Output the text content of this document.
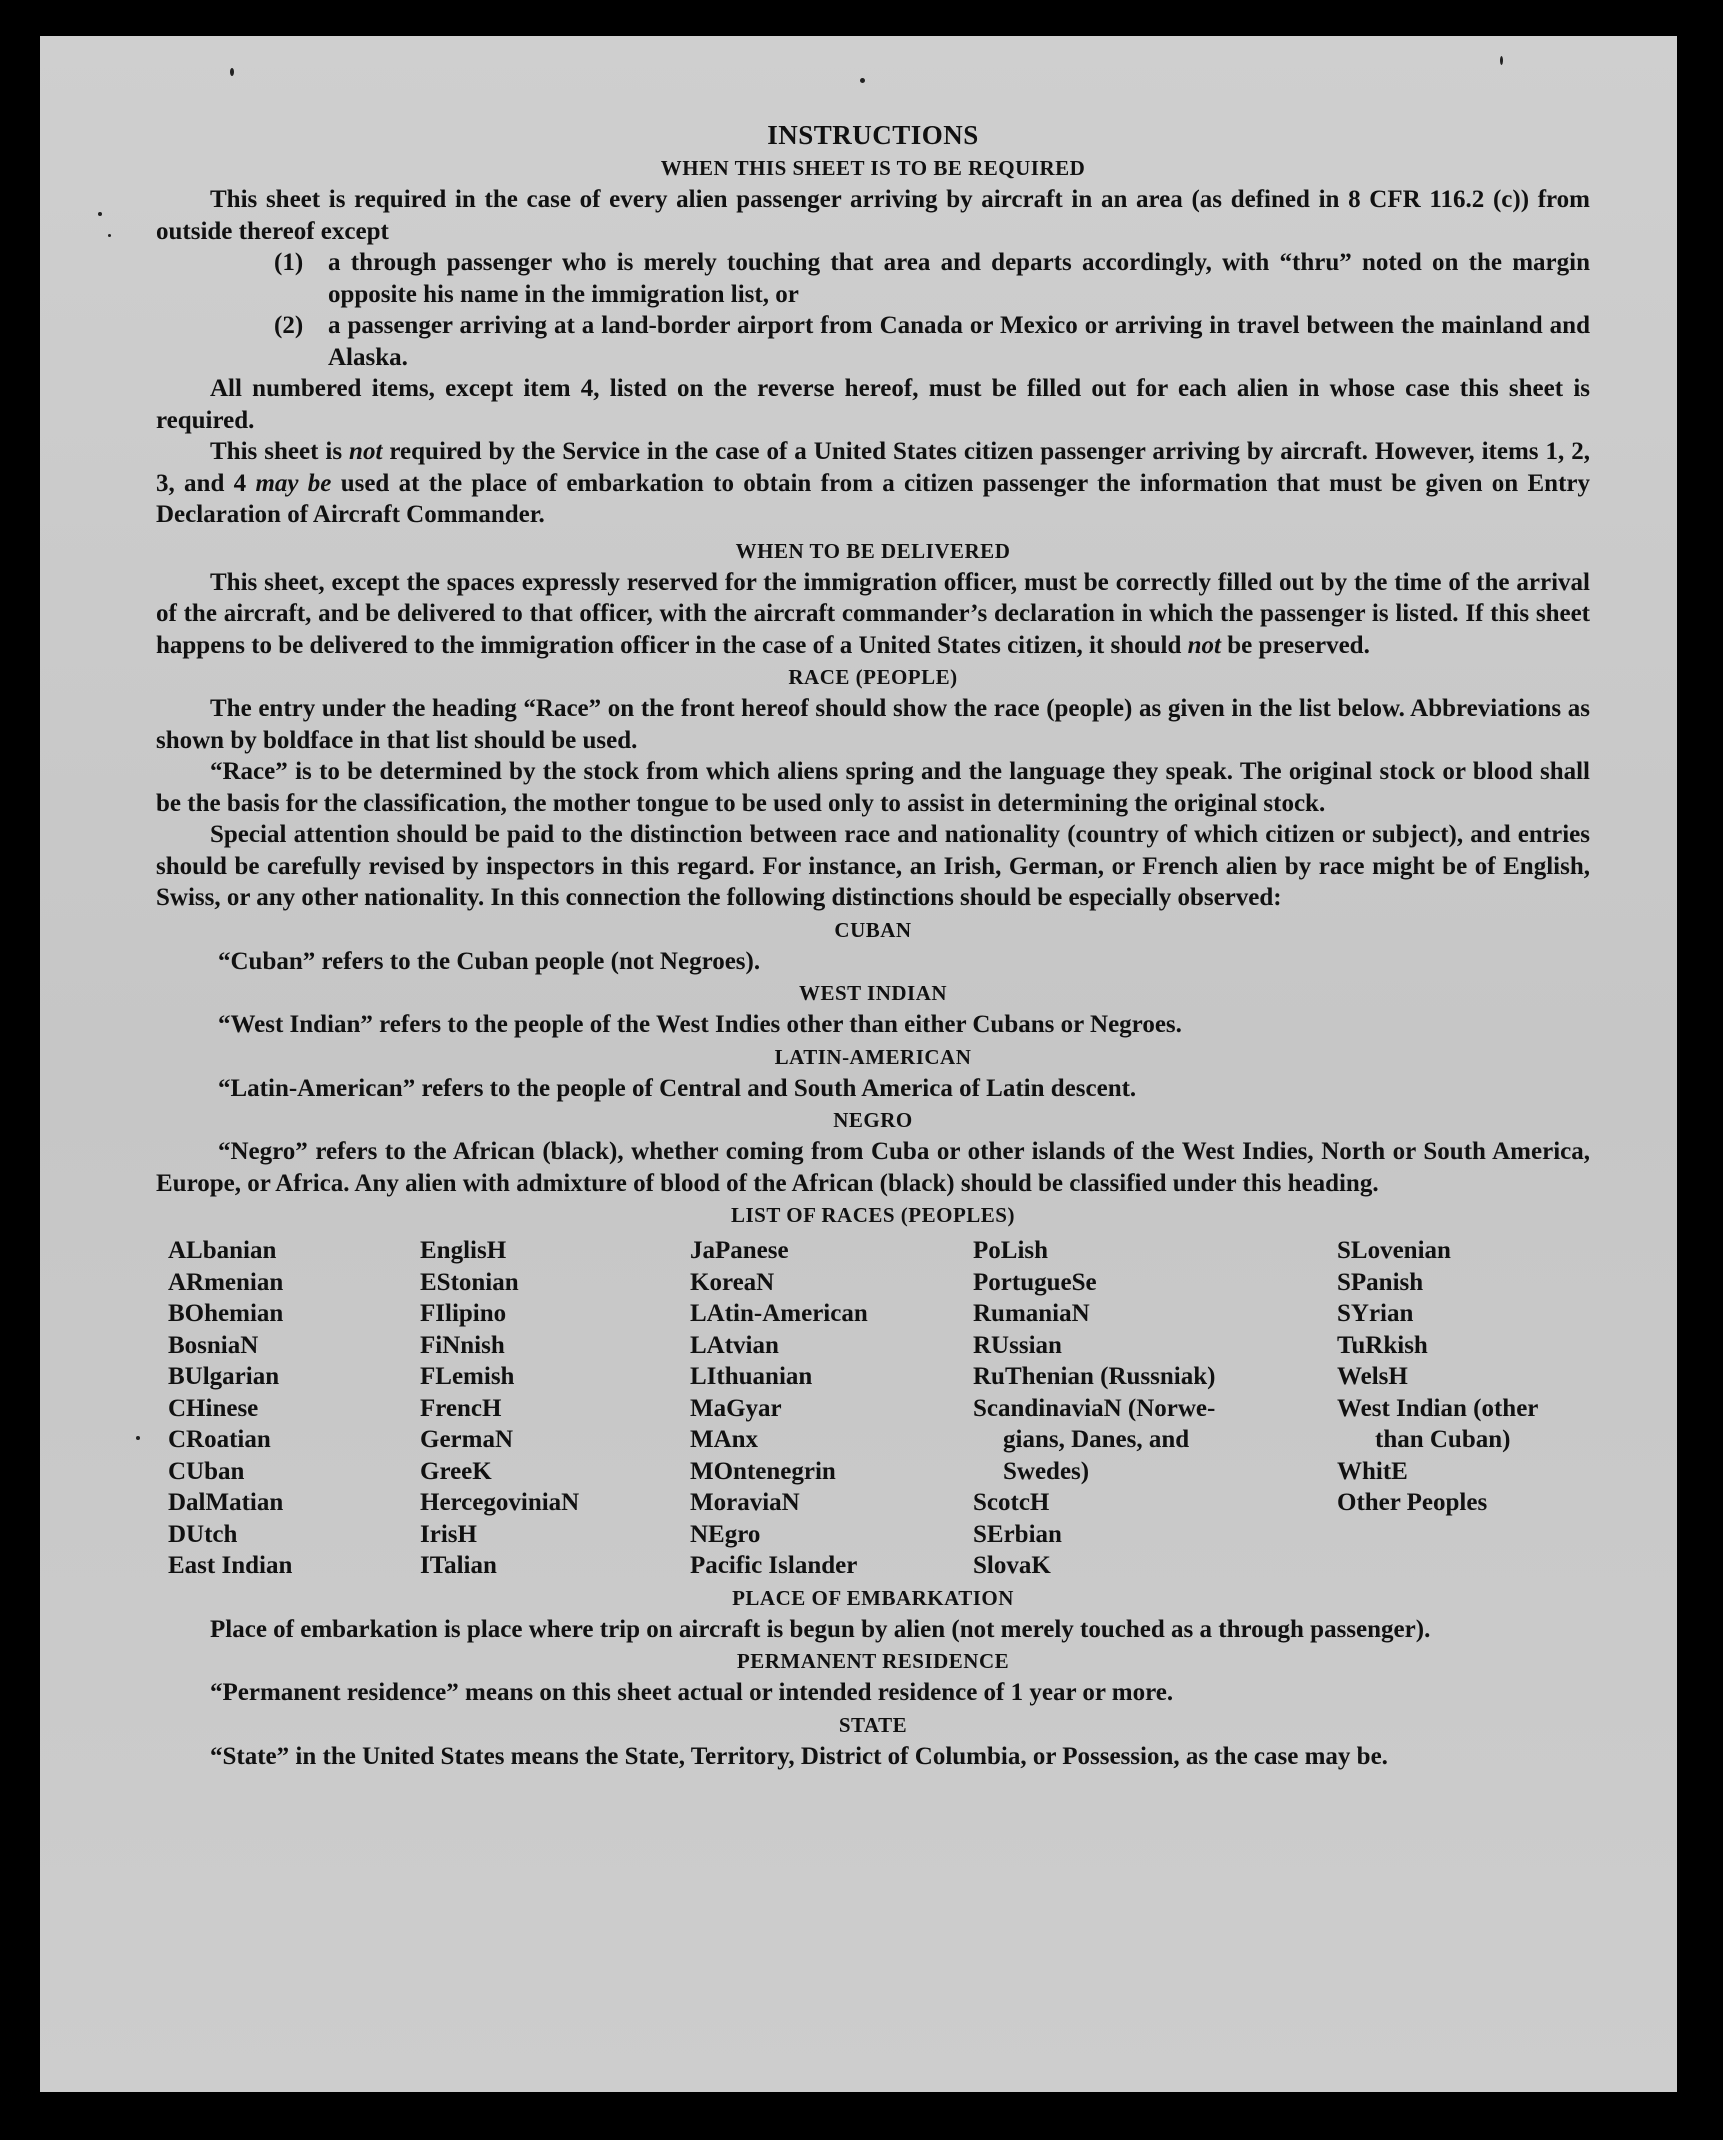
INSTRUCTIONS
WHEN THIS SHEET IS TO BE REQUIRED
This sheet is required in the case of every alien passenger arriving by aircraft in an area (as defined in 8 CFR 116.2 (c)) from outside thereof except
(1) a through passenger who is merely touching that area and departs accordingly, with “thru” noted on the margin opposite his name in the immigration list, or
(2) a passenger arriving at a land-border airport from Canada or Mexico or arriving in travel between the mainland and Alaska.
All numbered items, except item 4, listed on the reverse hereof, must be filled out for each alien in whose case this sheet is required.
This sheet is not required by the Service in the case of a United States citizen passenger arriving by aircraft. However, items 1, 2, 3, and 4 may be used at the place of embarkation to obtain from a citizen passenger the information that must be given on Entry Declaration of Aircraft Commander.
WHEN TO BE DELIVERED
This sheet, except the spaces expressly reserved for the immigration officer, must be correctly filled out by the time of the arrival of the aircraft, and be delivered to that officer, with the aircraft commander’s declaration in which the passenger is listed. If this sheet happens to be delivered to the immigration officer in the case of a United States citizen, it should not be preserved.
RACE (PEOPLE)
The entry under the heading “Race” on the front hereof should show the race (people) as given in the list below. Abbreviations as shown by boldface in that list should be used.
“Race” is to be determined by the stock from which aliens spring and the language they speak. The original stock or blood shall be the basis for the classification, the mother tongue to be used only to assist in determining the original stock.
Special attention should be paid to the distinction between race and nationality (country of which citizen or subject), and entries should be carefully revised by inspectors in this regard. For instance, an Irish, German, or French alien by race might be of English, Swiss, or any other nationality. In this connection the following distinctions should be especially observed:
CUBAN
“Cuban” refers to the Cuban people (not Negroes).
WEST INDIAN
“West Indian” refers to the people of the West Indies other than either Cubans or Negroes.
LATIN-AMERICAN
“Latin-American” refers to the people of Central and South America of Latin descent.
NEGRO
“Negro” refers to the African (black), whether coming from Cuba or other islands of the West Indies, North or South America, Europe, or Africa. Any alien with admixture of blood of the African (black) should be classified under this heading.
LIST OF RACES (PEOPLES)
ALbanian
ARmenian
BOhemian
BosniaN
BUlgarian
CHinese
CRoatian
CUban
DalMatian
DUtch
East Indian
EnglisH
EStonian
FIlipino
FiNnish
FLemish
FrencH
GermaN
GreeK
HercegoviniaN
IrisH
ITalian
JaPanese
KoreaN
LAtin-American
LAtvian
LIthuanian
MaGyar
MAnx
MOntenegrin
MoraviaN
NEgro
Pacific Islander
PoLish
PortugueSe
RumaniaN
RUssian
RuThenian (Russniak)
ScandinaviaN (Norwe-
gians, Danes, and
Swedes)
ScotcH
SErbian
SlovaK
SLovenian
SPanish
SYrian
TuRkish
WelsH
West Indian (other
than Cuban)
WhitE
Other Peoples
PLACE OF EMBARKATION
Place of embarkation is place where trip on aircraft is begun by alien (not merely touched as a through passenger).
PERMANENT RESIDENCE
“Permanent residence” means on this sheet actual or intended residence of 1 year or more.
STATE
“State” in the United States means the State, Territory, District of Columbia, or Possession, as the case may be.
